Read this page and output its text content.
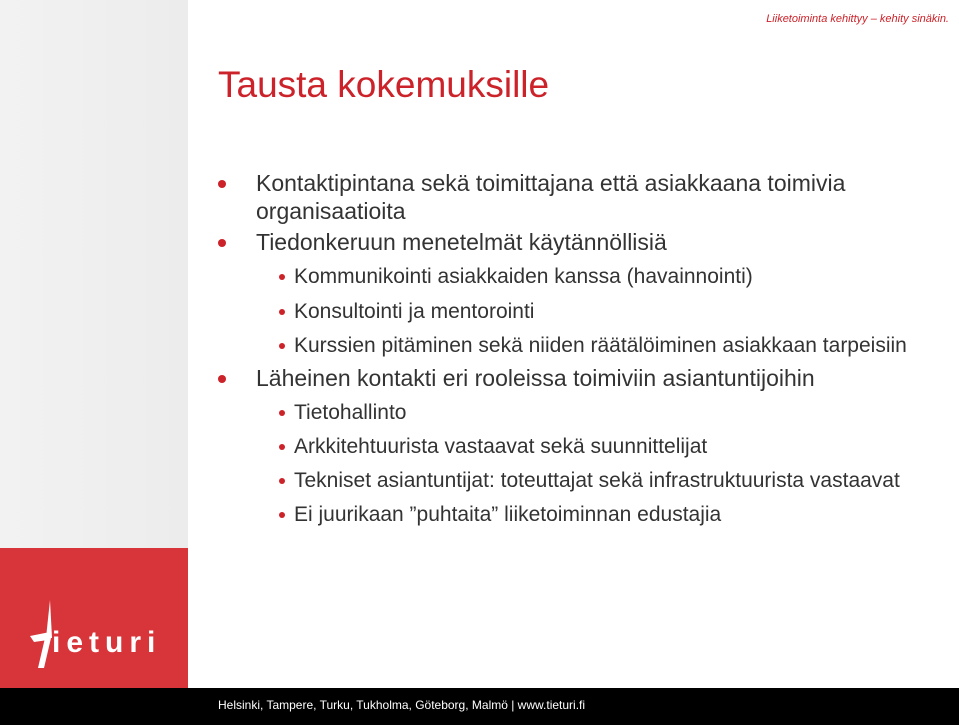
ieturi
Helsinki, Tampere, Turku, Tukholma, Göteborg, Malmö | www.tieturi.fi
Liiketoiminta kehittyy – kehity sinäkin.
Tausta kokemuksille
Kontaktipintana sekä toimittajana että asiakkaana toimivia organisaatioita
Tiedonkeruun menetelmät käytännöllisiä
Kommunikointi asiakkaiden kanssa (havainnointi)
Konsultointi ja mentorointi
Kurssien pitäminen sekä niiden räätälöiminen asiakkaan tarpeisiin
Läheinen kontakti eri rooleissa toimiviin asiantuntijoihin
Tietohallinto
Arkkitehtuurista vastaavat sekä suunnittelijat
Tekniset asiantuntijat: toteuttajat sekä infrastruktuurista vastaavat
Ei juurikaan ”puhtaita” liiketoiminnan edustajia
